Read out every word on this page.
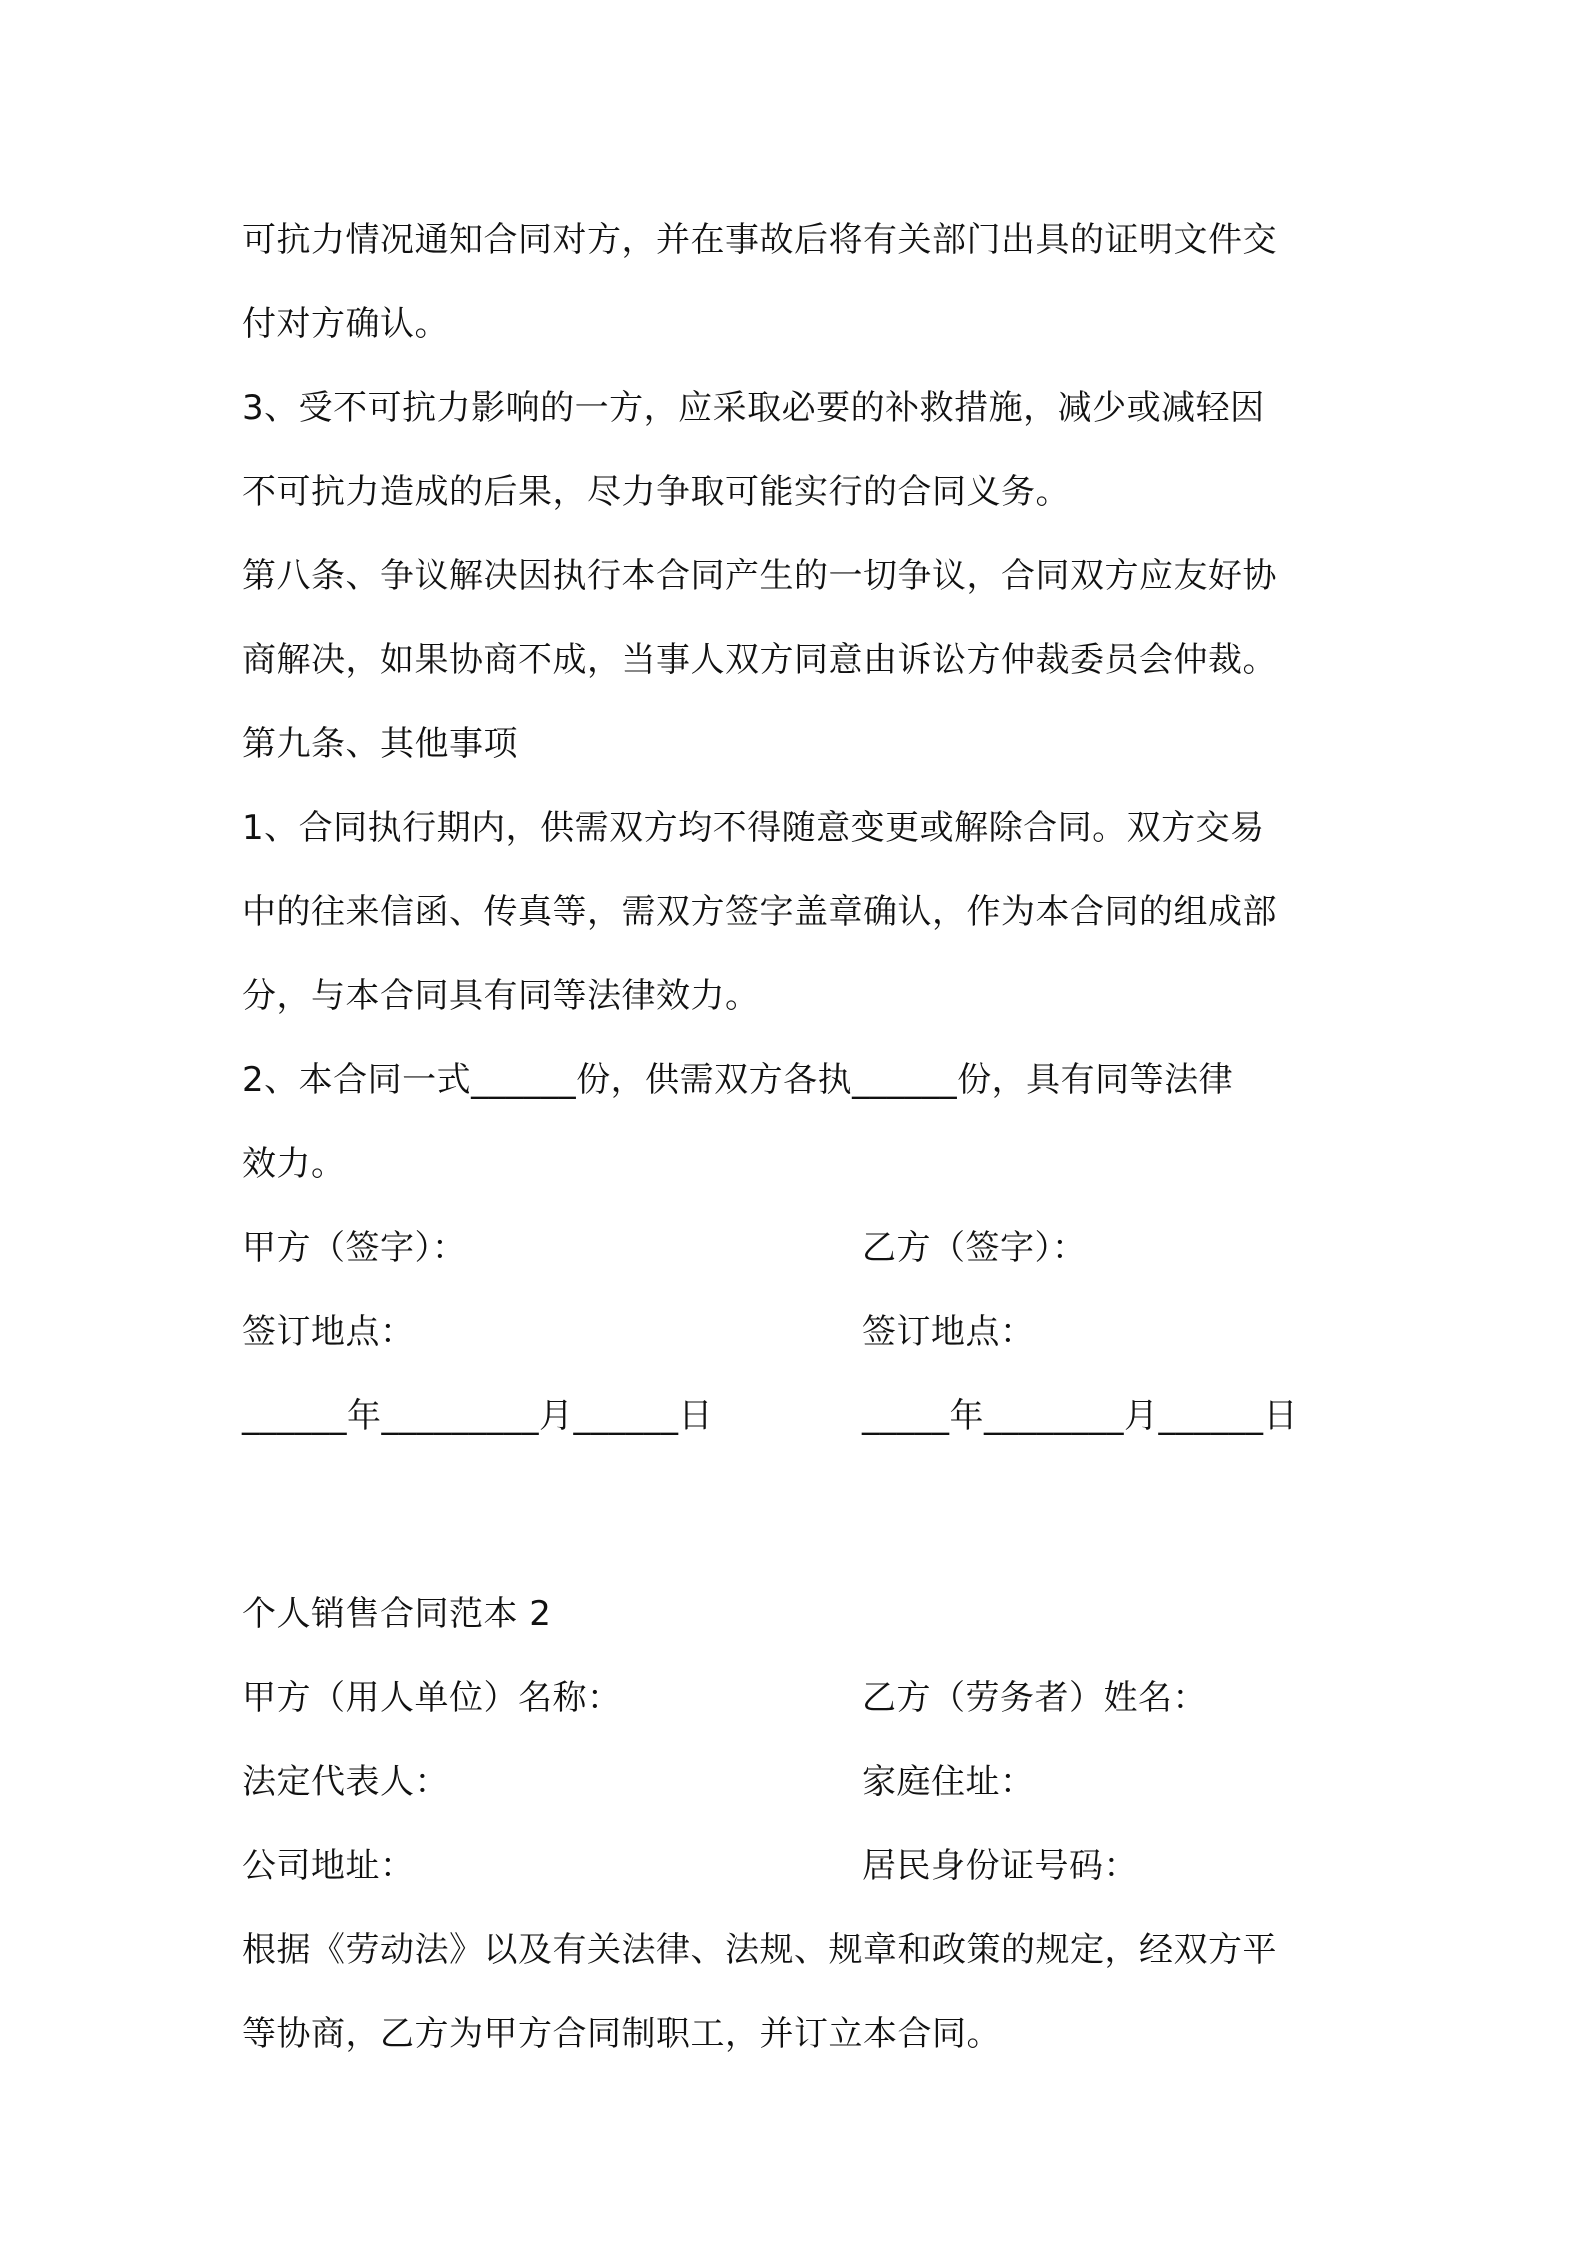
可抗力情况通知合同对方，并在事故后将有关部门出具的证明文件交
付对方确认。
3、受不可抗力影响的一方，应采取必要的补救措施，减少或减轻因
不可抗力造成的后果，尽力争取可能实行的合同义务。
第八条、争议解决因执行本合同产生的一切争议，合同双方应友好协
商解决，如果协商不成，当事人双方同意由诉讼方仲裁委员会仲裁。
第九条、其他事项
1、合同执行期内，供需双方均不得随意变更或解除合同。双方交易
中的往来信函、传真等，需双方签字盖章确认，作为本合同的组成部
分，与本合同具有同等法律效力。
2、本合同一式______份，供需双方各执______份，具有同等法律
效力。
甲方（签字）：	乙方（签字）：
签订地点：	签订地点：
______年_________月______日	_____年________月______日
个人销售合同范本 2
甲方（用人单位）名称：	乙方（劳务者）姓名：
法定代表人：	家庭住址：
公司地址：	居民身份证号码：
根据《劳动法》以及有关法律、法规、规章和政策的规定，经双方平
等协商，乙方为甲方合同制职工，并订立本合同。
